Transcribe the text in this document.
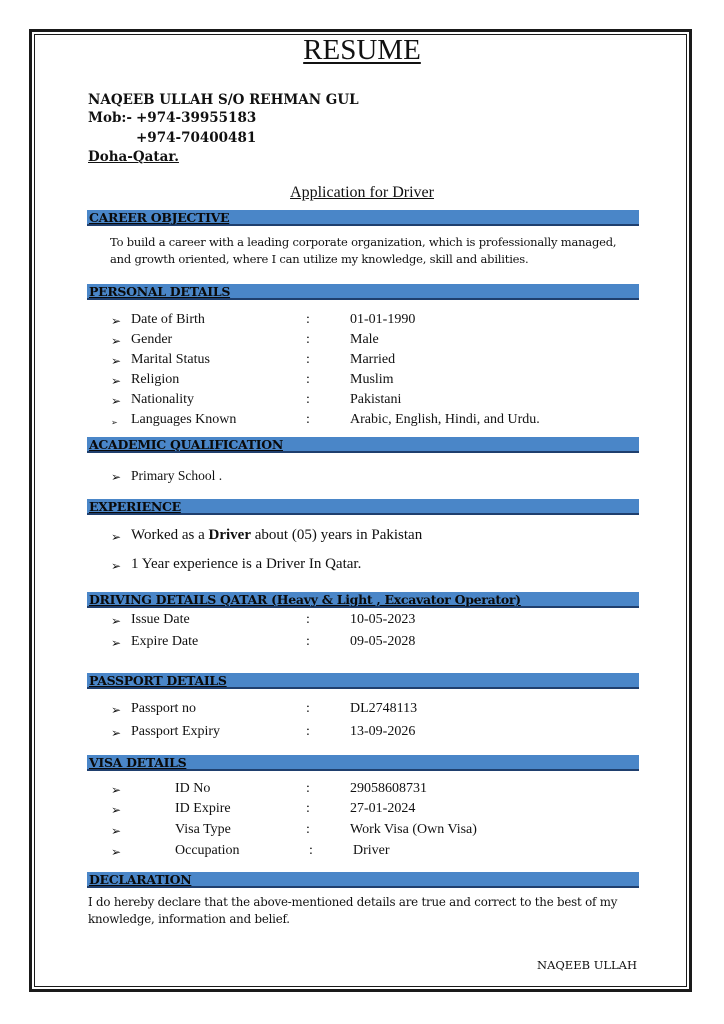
RESUME
NAQEEB ULLAH S/O REHMAN GUL
Mob:- +974-39955183
+974-70400481
Doha-Qatar.
Application for Driver
CAREER OBJECTIVE
To build a career with a leading corporate organization, which is professionally managed, and growth oriented, where I can utilize my knowledge, skill and abilities.
PERSONAL DETAILS
➢ Date of Birth	:	01-01-1990
➢ Gender	:	Male
➢ Marital Status	:	Married
➢ Religion	:	Muslim
➢ Nationality	:	Pakistani
➢ Languages Known	:	Arabic, English, Hindi, and Urdu.
ACADEMIC QUALIFICATION
➢ Primary School .
EXPERIENCE
➢ Worked as a Driver about (05) years in Pakistan
➢ 1 Year experience is a Driver In Qatar.
DRIVING DETAILS QATAR (Heavy & Light , Excavator Operator)
➢ Issue Date	:	10-05-2023
➢ Expire Date	:	09-05-2028
PASSPORT DETAILS
➢ Passport no	:	DL2748113
➢ Passport Expiry	:	13-09-2026
VISA DETAILS
➢	ID No	:	29058608731
➢	ID Expire	:	27-01-2024
➢	Visa Type	:	Work Visa (Own Visa)
➢	Occupation	:	Driver
DECLARATION
I do hereby declare that the above-mentioned details are true and correct to the best of my knowledge, information and belief.
NAQEEB ULLAH
